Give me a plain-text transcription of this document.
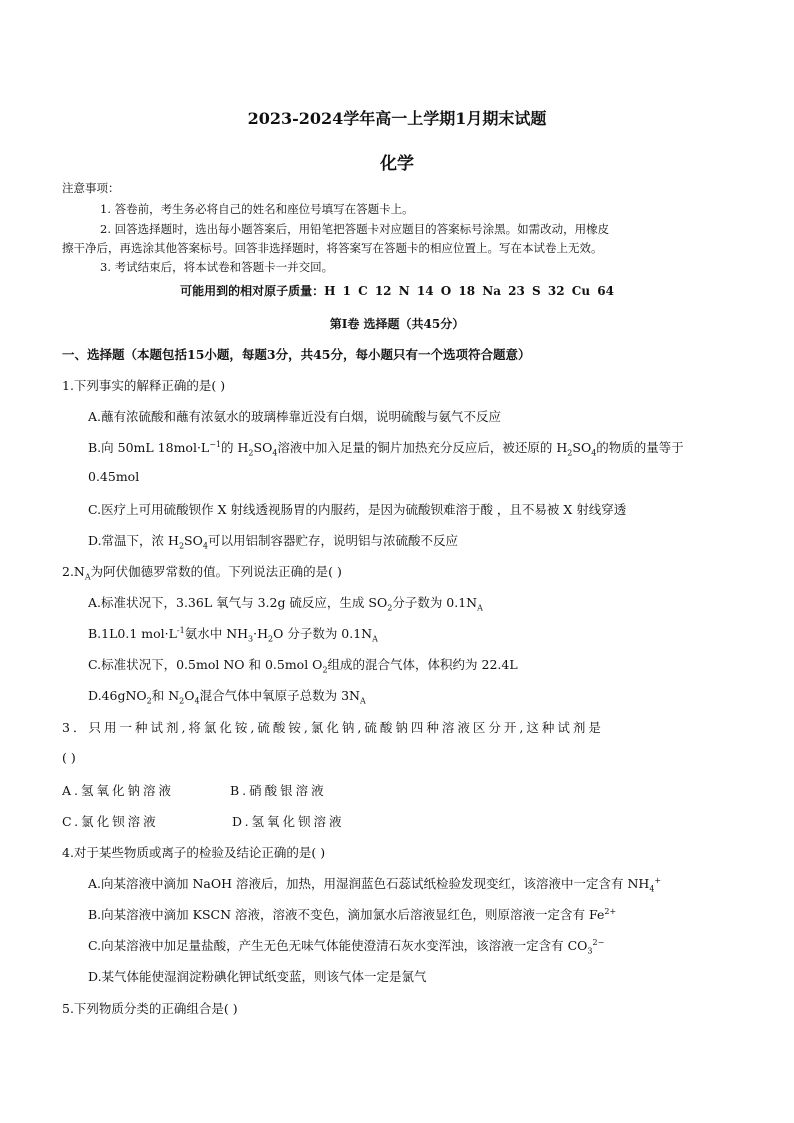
2023-2024学年高一上学期1月期末试题
化学
注意事项：
1. 答卷前，考生务必将自己的姓名和座位号填写在答题卡上。
2. 回答选择题时，选出每小题答案后，用铅笔把答题卡对应题目的答案标号涂黑。如需改动，用橡皮
擦干净后，再选涂其他答案标号。回答非选择题时，将答案写在答题卡的相应位置上。写在本试卷上无效。
3. 考试结束后，将本试卷和答题卡一并交回。
可能用到的相对原子质量：H 1 C 12 N 14 O 18 Na 23 S 32 Cu 64
第Ⅰ卷 选择题（共45分）
一、选择题（本题包括15小题，每题3分，共45分，每小题只有一个选项符合题意）
1.下列事实的解释正确的是( )
A.蘸有浓硫酸和蘸有浓氨水的玻璃棒靠近没有白烟，说明硫酸与氨气不反应
B.向 50mL $18mol\cdot L^{-1}$的 $H_2SO_4$溶液中加入足量的铜片加热充分反应后，被还原的 $H_2SO_4$的物质的量等于
0.45mol
C.医疗上可用硫酸钡作 X 射线透视肠胃的内服药，是因为硫酸钡难溶于酸 ，且不易被 X 射线穿透
D.常温下，浓 $H_2SO_4$可以用铝制容器贮存，说明铝与浓硫酸不反应
$2.N_A$为阿伏伽德罗常数的值。下列说法正确的是( )
A.标准状况下，3.36L 氧气与 3.2g 硫反应，生成 $SO_2$分子数为 $0.1N_A$
B.1L0.1 $mol\cdot L^{-1}$氨水中 $NH_3\cdot H_2O$ 分子数为 $0.1N_A$
C.标准状况下，0.5mol NO 和 0.5mol $O_2$组成的混合气体，体积约为 22.4L
D.46gNO$_2$和 $N_2O_4$混合气体中氧原子总数为 $3N_A$
3．只用一种试剂,将氯化铵,硫酸铵,氯化钠,硫酸钠四种溶液区分开,这种试剂是
( )
A.氢氧化钠溶液	B.硝酸银溶液
C.氯化钡溶液	D.氢氧化钡溶液
4.对于某些物质或离子的检验及结论正确的是( )
A.向某溶液中滴加 NaOH 溶液后，加热，用湿润蓝色石蕊试纸检验发现变红，该溶液中一定含有 $NH_4^+$
B.向某溶液中滴加 KSCN 溶液，溶液不变色，滴加氯水后溶液显红色，则原溶液一定含有 $Fe^{2+}$
C.向某溶液中加足量盐酸，产生无色无味气体能使澄清石灰水变浑浊，该溶液一定含有 $CO_3^{2-}$
D.某气体能使湿润淀粉碘化钾试纸变蓝，则该气体一定是氯气
5.下列物质分类的正确组合是( )
